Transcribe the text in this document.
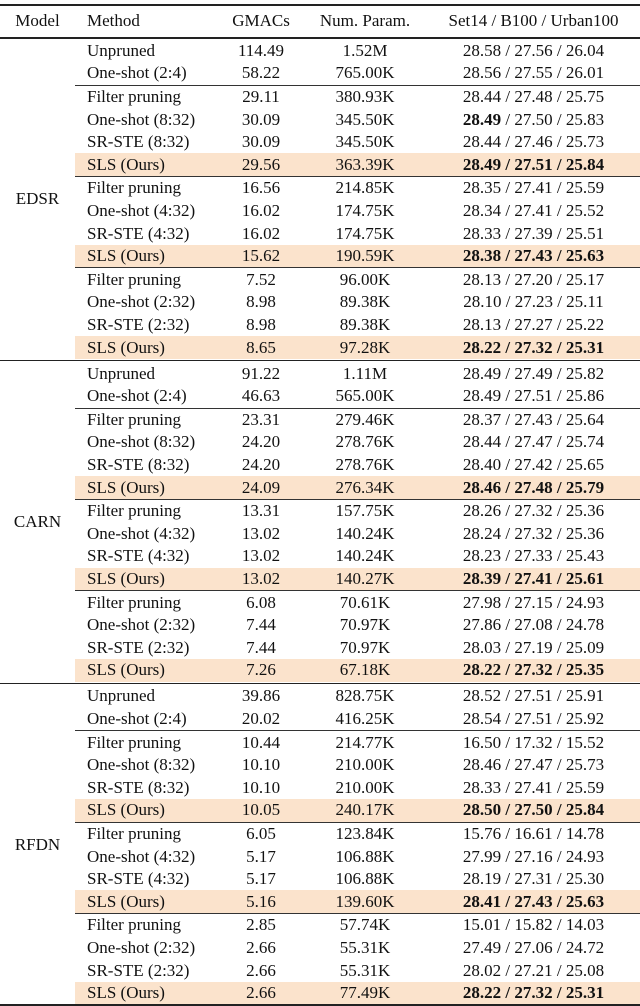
Model	Method	GMACs	Num. Param.	Set14 / B100 / Urban100
EDSR
Unpruned	114.49	1.52M	28.58 / 27.56 / 26.04
One-shot (2:4)	58.22	765.00K	28.56 / 27.55 / 26.01
Filter pruning	29.11	380.93K	28.44 / 27.48 / 25.75
One-shot (8:32)	30.09	345.50K	28.49 / 27.50 / 25.83
SR-STE (8:32)	30.09	345.50K	28.44 / 27.46 / 25.73
SLS (Ours)	29.56	363.39K	28.49 / 27.51 / 25.84
Filter pruning	16.56	214.85K	28.35 / 27.41 / 25.59
One-shot (4:32)	16.02	174.75K	28.34 / 27.41 / 25.52
SR-STE (4:32)	16.02	174.75K	28.33 / 27.39 / 25.51
SLS (Ours)	15.62	190.59K	28.38 / 27.43 / 25.63
Filter pruning	7.52	96.00K	28.13 / 27.20 / 25.17
One-shot (2:32)	8.98	89.38K	28.10 / 27.23 / 25.11
SR-STE (2:32)	8.98	89.38K	28.13 / 27.27 / 25.22
SLS (Ours)	8.65	97.28K	28.22 / 27.32 / 25.31
CARN
Unpruned	91.22	1.11M	28.49 / 27.49 / 25.82
One-shot (2:4)	46.63	565.00K	28.49 / 27.51 / 25.86
Filter pruning	23.31	279.46K	28.37 / 27.43 / 25.64
One-shot (8:32)	24.20	278.76K	28.44 / 27.47 / 25.74
SR-STE (8:32)	24.20	278.76K	28.40 / 27.42 / 25.65
SLS (Ours)	24.09	276.34K	28.46 / 27.48 / 25.79
Filter pruning	13.31	157.75K	28.26 / 27.32 / 25.36
One-shot (4:32)	13.02	140.24K	28.24 / 27.32 / 25.36
SR-STE (4:32)	13.02	140.24K	28.23 / 27.33 / 25.43
SLS (Ours)	13.02	140.27K	28.39 / 27.41 / 25.61
Filter pruning	6.08	70.61K	27.98 / 27.15 / 24.93
One-shot (2:32)	7.44	70.97K	27.86 / 27.08 / 24.78
SR-STE (2:32)	7.44	70.97K	28.03 / 27.19 / 25.09
SLS (Ours)	7.26	67.18K	28.22 / 27.32 / 25.35
RFDN
Unpruned	39.86	828.75K	28.52 / 27.51 / 25.91
One-shot (2:4)	20.02	416.25K	28.54 / 27.51 / 25.92
Filter pruning	10.44	214.77K	16.50 / 17.32 / 15.52
One-shot (8:32)	10.10	210.00K	28.46 / 27.47 / 25.73
SR-STE (8:32)	10.10	210.00K	28.33 / 27.41 / 25.59
SLS (Ours)	10.05	240.17K	28.50 / 27.50 / 25.84
Filter pruning	6.05	123.84K	15.76 / 16.61 / 14.78
One-shot (4:32)	5.17	106.88K	27.99 / 27.16 / 24.93
SR-STE (4:32)	5.17	106.88K	28.19 / 27.31 / 25.30
SLS (Ours)	5.16	139.60K	28.41 / 27.43 / 25.63
Filter pruning	2.85	57.74K	15.01 / 15.82 / 14.03
One-shot (2:32)	2.66	55.31K	27.49 / 27.06 / 24.72
SR-STE (2:32)	2.66	55.31K	28.02 / 27.21 / 25.08
SLS (Ours)	2.66	77.49K	28.22 / 27.32 / 25.31
